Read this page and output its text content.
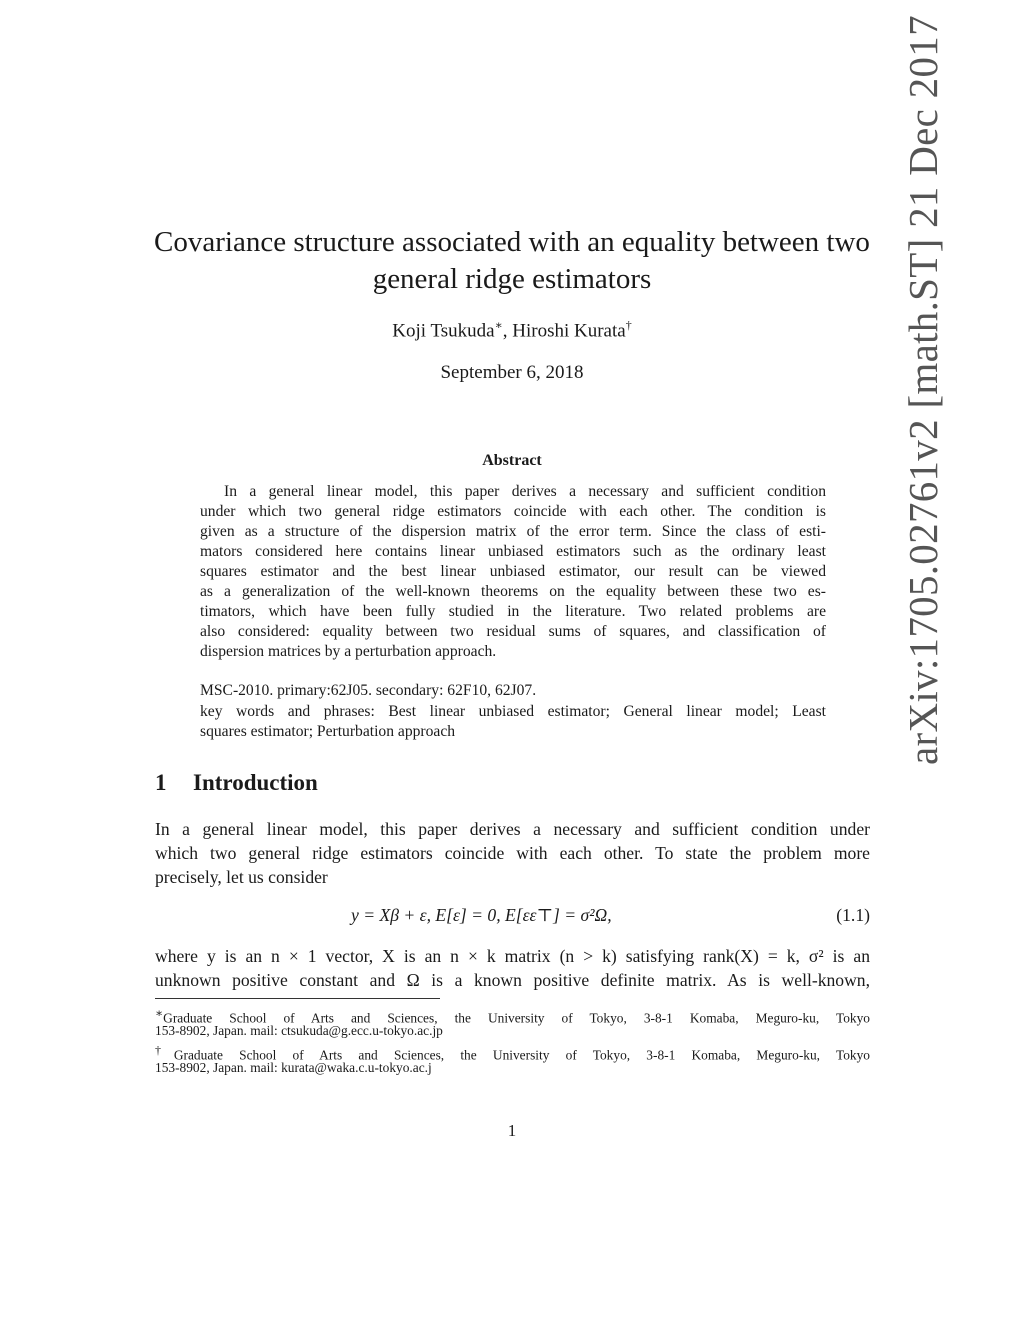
Covariance structure associated with an equality between two
general ridge estimators
Koji Tsukuda∗, Hiroshi Kurata†
September 6, 2018
Abstract
In a general linear model, this paper derives a necessary and sufficient condition
under which two general ridge estimators coincide with each other. The condition is
given as a structure of the dispersion matrix of the error term. Since the class of esti-
mators considered here contains linear unbiased estimators such as the ordinary least
squares estimator and the best linear unbiased estimator, our result can be viewed
as a generalization of the well-known theorems on the equality between these two es-
timators, which have been fully studied in the literature. Two related problems are
also considered: equality between two residual sums of squares, and classification of
dispersion matrices by a perturbation approach.
MSC-2010. primary:62J05. secondary: 62F10, 62J07.
key words and phrases: Best linear unbiased estimator; General linear model; Least
squares estimator; Perturbation approach
1 Introduction
In a general linear model, this paper derives a necessary and sufficient condition under
which two general ridge estimators coincide with each other. To state the problem more
precisely, let us consider
y = Xβ + ε, E[ε] = 0, E[εε⊤] = σ²Ω,	(1.1)
where y is an n × 1 vector, X is an n × k matrix (n > k) satisfying rank(X) = k, σ² is an
unknown positive constant and Ω is a known positive definite matrix. As is well-known,
∗Graduate School of Arts and Sciences, the University of Tokyo, 3-8-1 Komaba, Meguro-ku, Tokyo
153-8902, Japan. mail: ctsukuda@g.ecc.u-tokyo.ac.jp
†Graduate School of Arts and Sciences, the University of Tokyo, 3-8-1 Komaba, Meguro-ku, Tokyo
153-8902, Japan. mail: kurata@waka.c.u-tokyo.ac.j
1
arXiv:1705.02761v2 [math.ST] 21 Dec 2017
